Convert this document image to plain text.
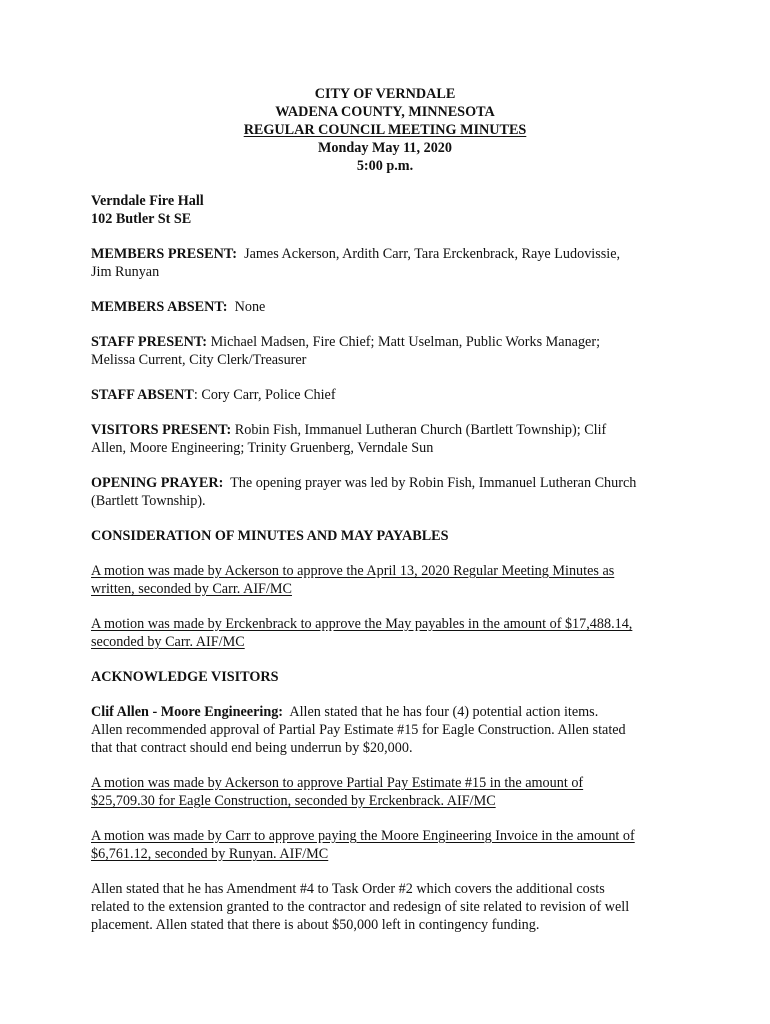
CITY OF VERNDALE
WADENA COUNTY, MINNESOTA
REGULAR COUNCIL MEETING MINUTES
Monday May 11, 2020
5:00 p.m.
Verndale Fire Hall
102 Butler St SE
MEMBERS PRESENT: James Ackerson, Ardith Carr, Tara Erckenbrack, Raye Ludovissie,
Jim Runyan
MEMBERS ABSENT: None
STAFF PRESENT: Michael Madsen, Fire Chief; Matt Uselman, Public Works Manager;
Melissa Current, City Clerk/Treasurer
STAFF ABSENT: Cory Carr, Police Chief
VISITORS PRESENT: Robin Fish, Immanuel Lutheran Church (Bartlett Township); Clif
Allen, Moore Engineering; Trinity Gruenberg, Verndale Sun
OPENING PRAYER: The opening prayer was led by Robin Fish, Immanuel Lutheran Church
(Bartlett Township).
CONSIDERATION OF MINUTES AND MAY PAYABLES
A motion was made by Ackerson to approve the April 13, 2020 Regular Meeting Minutes as
written, seconded by Carr. AIF/MC
A motion was made by Erckenbrack to approve the May payables in the amount of $17,488.14,
seconded by Carr. AIF/MC
ACKNOWLEDGE VISITORS
Clif Allen - Moore Engineering: Allen stated that he has four (4) potential action items.
Allen recommended approval of Partial Pay Estimate #15 for Eagle Construction. Allen stated
that that contract should end being underrun by $20,000.
A motion was made by Ackerson to approve Partial Pay Estimate #15 in the amount of
$25,709.30 for Eagle Construction, seconded by Erckenbrack. AIF/MC
A motion was made by Carr to approve paying the Moore Engineering Invoice in the amount of
$6,761.12, seconded by Runyan. AIF/MC
Allen stated that he has Amendment #4 to Task Order #2 which covers the additional costs
related to the extension granted to the contractor and redesign of site related to revision of well
placement. Allen stated that there is about $50,000 left in contingency funding.
